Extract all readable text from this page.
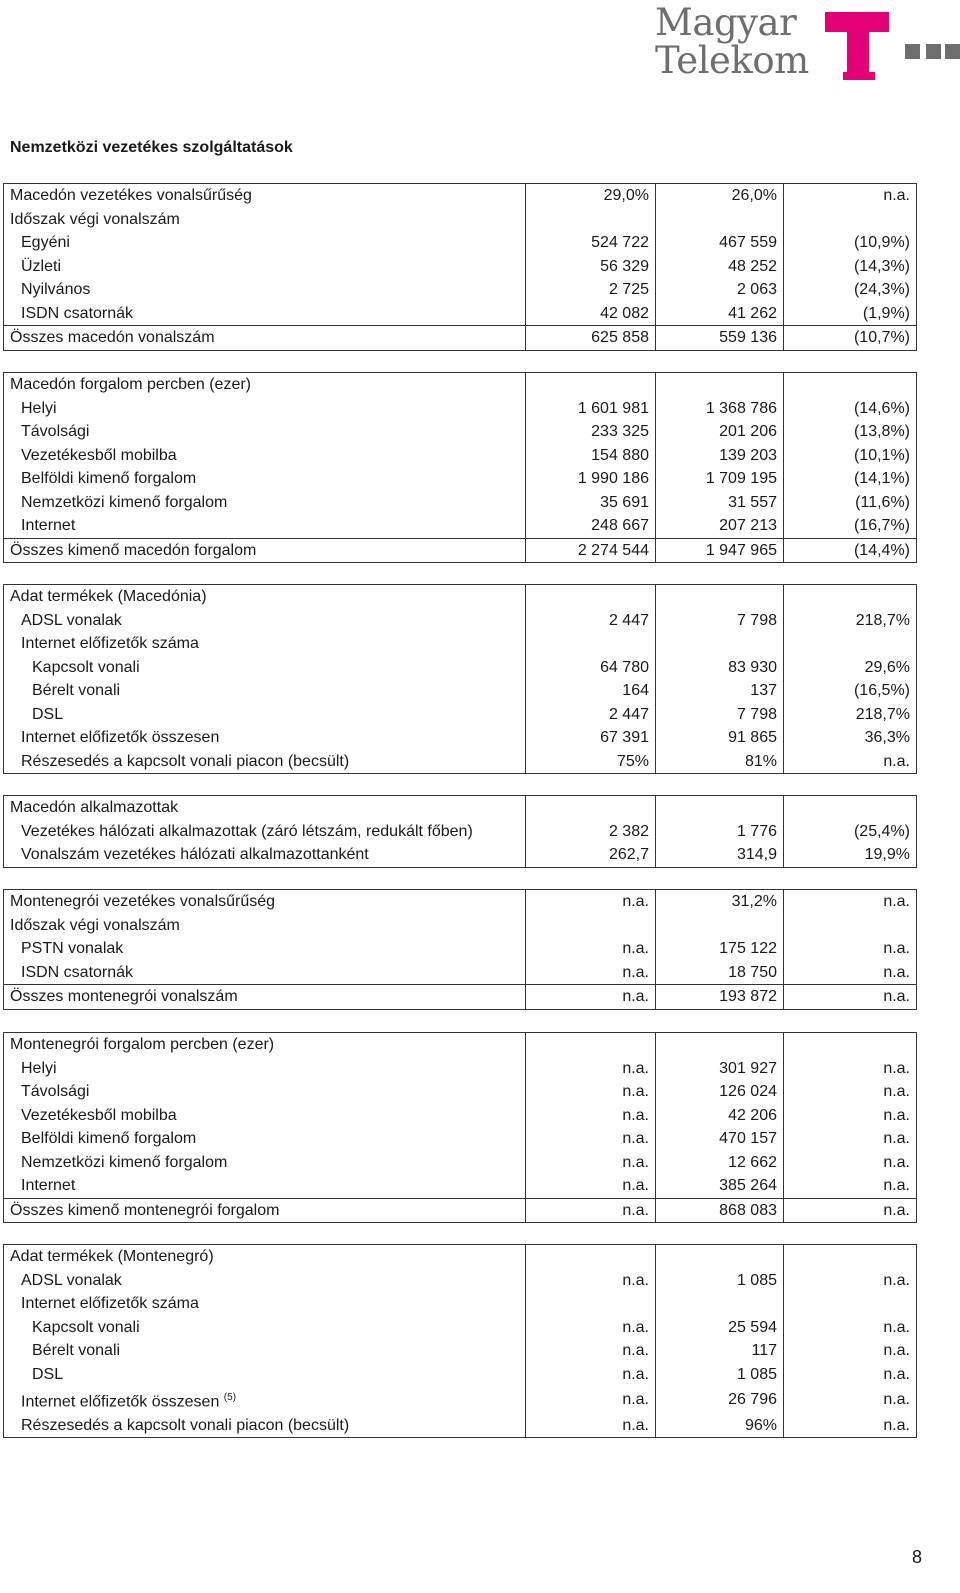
Magyar
Telekom
Nemzetközi vezetékes szolgáltatások
Macedón vezetékes vonalsűrűség	29,0%	26,0%	n.a.
Időszak végi vonalszám			
Egyéni	524 722	467 559	(10,9%)
Üzleti	56 329	48 252	(14,3%)
Nyilvános	2 725	2 063	(24,3%)
ISDN csatornák	42 082	41 262	(1,9%)
Összes macedón vonalszám	625 858	559 136	(10,7%)
Macedón forgalom percben (ezer)			
Helyi	1 601 981	1 368 786	(14,6%)
Távolsági	233 325	201 206	(13,8%)
Vezetékesből mobilba	154 880	139 203	(10,1%)
Belföldi kimenő forgalom	1 990 186	1 709 195	(14,1%)
Nemzetközi kimenő forgalom	35 691	31 557	(11,6%)
Internet	248 667	207 213	(16,7%)
Összes kimenő macedón forgalom	2 274 544	1 947 965	(14,4%)
Adat termékek (Macedónia)			
ADSL vonalak	2 447	7 798	218,7%
Internet előfizetők száma			
Kapcsolt vonali	64 780	83 930	29,6%
Bérelt vonali	164	137	(16,5%)
DSL	2 447	7 798	218,7%
Internet előfizetők összesen	67 391	91 865	36,3%
Részesedés a kapcsolt vonali piacon (becsült)	75%	81%	n.a.
Macedón alkalmazottak			
Vezetékes hálózati alkalmazottak (záró létszám, redukált főben)	2 382	1 776	(25,4%)
Vonalszám vezetékes hálózati alkalmazottanként	262,7	314,9	19,9%
Montenegrói vezetékes vonalsűrűség	n.a.	31,2%	n.a.
Időszak végi vonalszám			
PSTN vonalak	n.a.	175 122	n.a.
ISDN csatornák	n.a.	18 750	n.a.
Összes montenegrói vonalszám	n.a.	193 872	n.a.
Montenegrói forgalom percben (ezer)			
Helyi	n.a.	301 927	n.a.
Távolsági	n.a.	126 024	n.a.
Vezetékesből mobilba	n.a.	42 206	n.a.
Belföldi kimenő forgalom	n.a.	470 157	n.a.
Nemzetközi kimenő forgalom	n.a.	12 662	n.a.
Internet	n.a.	385 264	n.a.
Összes kimenő montenegrói forgalom	n.a.	868 083	n.a.
Adat termékek (Montenegró)			
ADSL vonalak	n.a.	1 085	n.a.
Internet előfizetők száma			
Kapcsolt vonali	n.a.	25 594	n.a.
Bérelt vonali	n.a.	117	n.a.
DSL	n.a.	1 085	n.a.
Internet előfizetők összesen $^{(5)}$	n.a.	26 796	n.a.
Részesedés a kapcsolt vonali piacon (becsült)	n.a.	96%	n.a.
8
